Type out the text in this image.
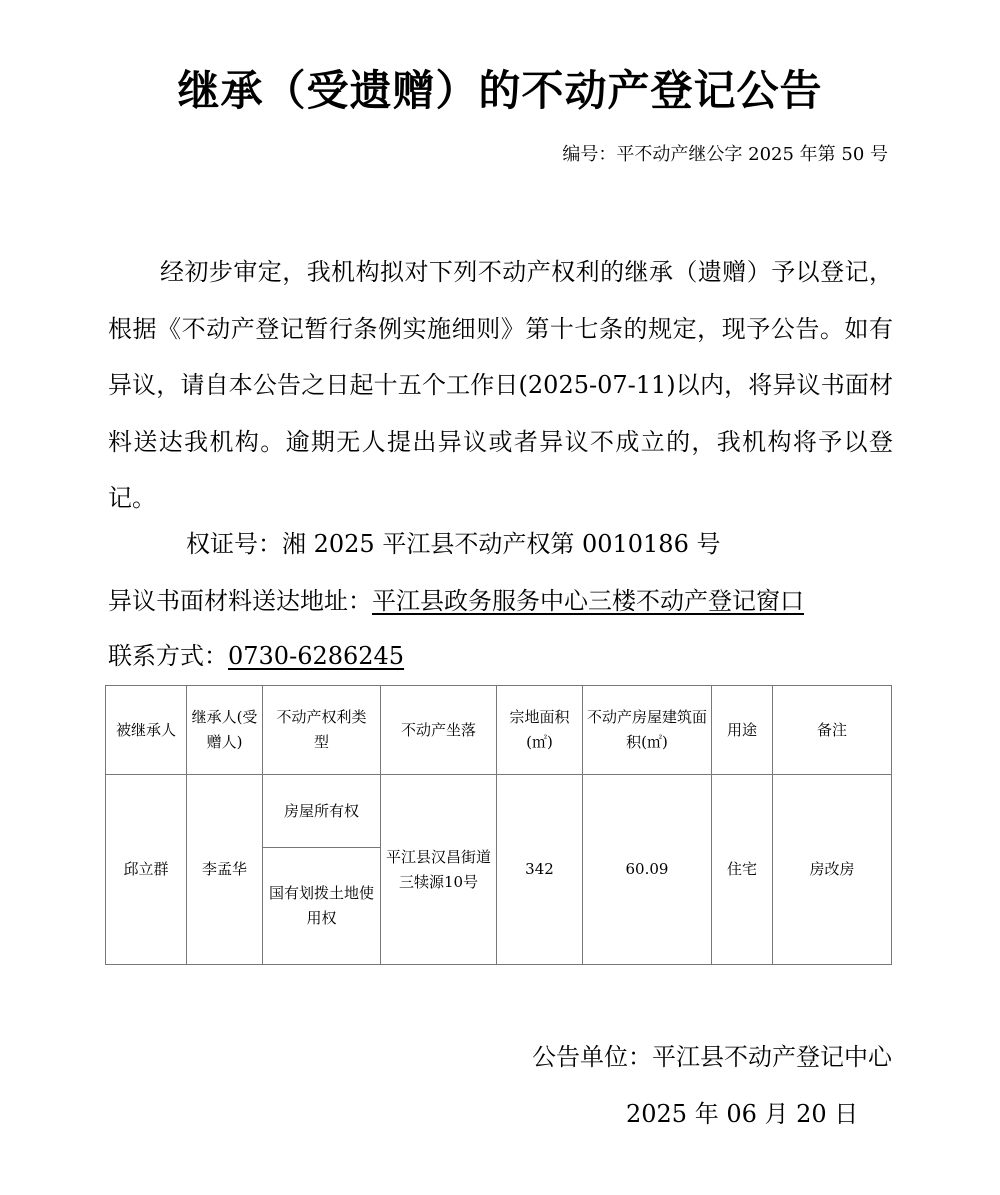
继承（受遗赠）的不动产登记公告
编号：平不动产继公字 2025 年第 50 号

经初步审定，我机构拟对下列不动产权利的继承（遗赠）予以登记，根据《不动产登记暂行条例实施细则》第十七条的规定，现予公告。如有异议，请自本公告之日起十五个工作日(2025-07-11)以内，将异议书面材料送达我机构。逾期无人提出异议或者异议不成立的，我机构将予以登记。

权证号：湘 2025 平江县不动产权第 0010186 号
异议书面材料送达地址：平江县政务服务中心三楼不动产登记窗口
联系方式：0730-6286245
被继承人	继承人(受赠人)	不动产权利类　型	不动产坐落	宗地面积(㎡)	不动产房屋建筑面积(㎡)	用途	备注
邱立群	李孟华	房屋所有权	平江县汉昌街道三犊源10号	342	60.09	住宅	房改房
		国有划拨土地使用权					
公告单位：平江县不动产登记中心
2025 年 06 月 20 日
